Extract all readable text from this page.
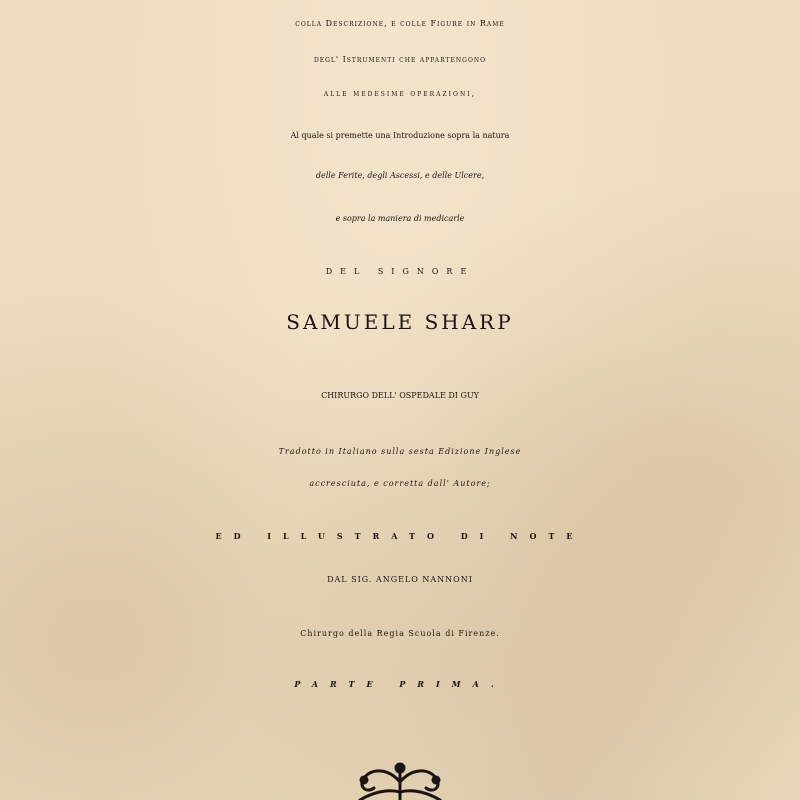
colla Descrizione, e colle Figure in Rame
degl' Istrumenti che appartengono
alle medesime operazioni,
Al quale si premette una Introduzione sopra la natura
delle Ferite, degli Ascessi, e delle Ulcere,
e sopra la maniera di medicarle
DEL SIGNORE
SAMUELE SHARP
CHIRURGO DELL' OSPEDALE DI GUY
Tradotto in Italiano sulla sesta Edizione Inglese
accresciuta, e corretta dall' Autore;
ED ILLUSTRATO DI NOTE
DAL SIG. ANGELO NANNONI
Chirurgo della Regia Scuola di Firenze.
PARTE PRIMA.
